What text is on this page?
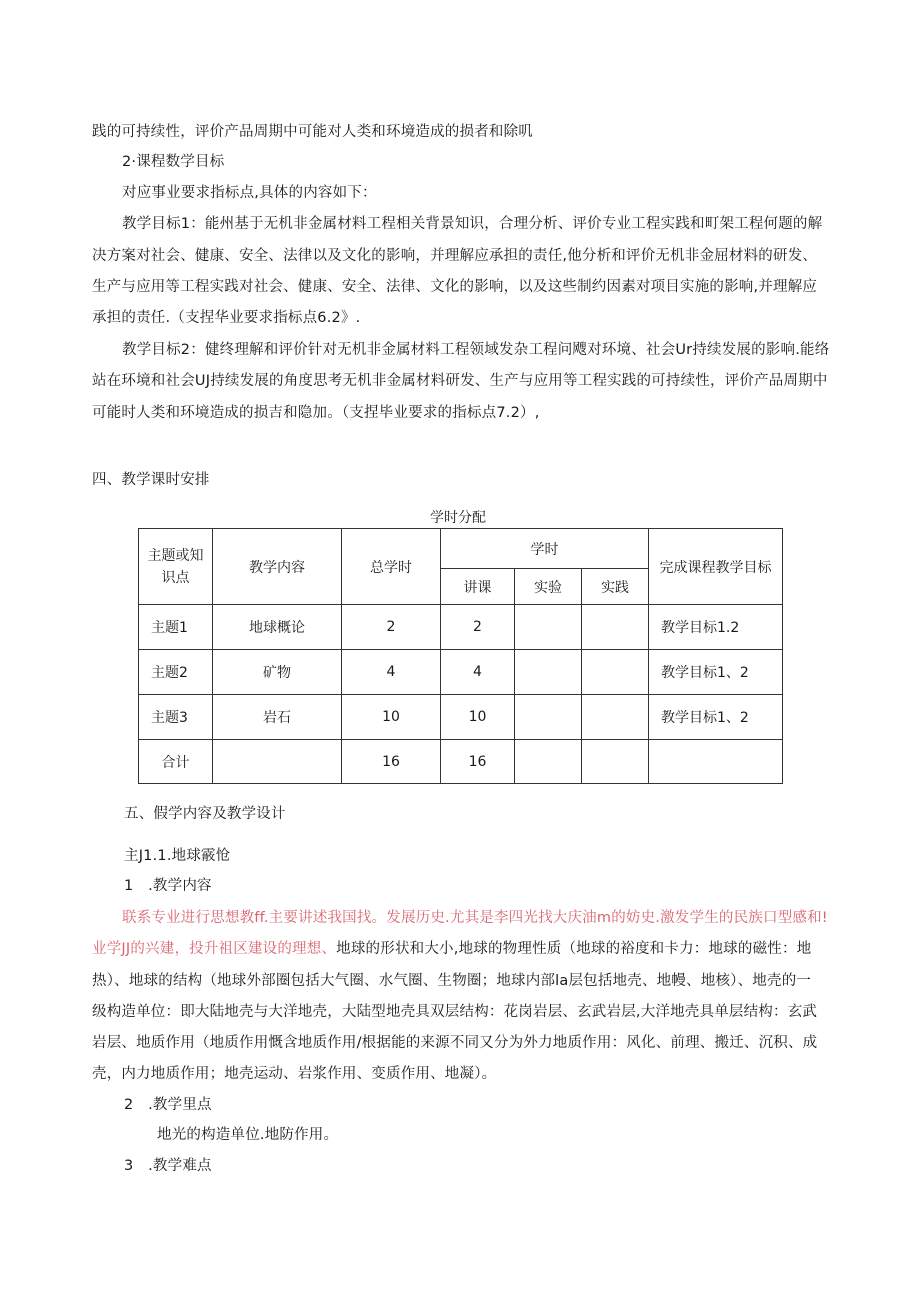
践的可持续性，评价产品周期中可能对人类和环境造成的损者和除叽
2·课程数学目标
对应事业要求指标点,具体的内容如下：
教学目标1：能州基于无机非金属材料工程相关背景知识，合理分析、评价专业工程实践和町架工程何题的解
决方案对社会、健康、安全、法律以及文化的影响，并理解应承担的责任,他分析和评价无机非金屈材料的研发、
生产与应用等工程实践对社会、健康、安全、法律、文化的影响，以及这些制约因素对项目实施的影响,并理解应
承担的责任.（支捏华业要求指标点6.2》.
教学目标2：健终理解和评价针对无机非金属材料工程领域发杂工程问飕对环境、社会Ur持续发展的影响.能络
站在环境和社会UJ持续发展的角度思考无机非金属材料研发、生产与应用等工程实践的可持续性，评价产品周期中
可能时人类和环境造成的损吉和隐加。（支捏毕业要求的指标点7.2）,
四、教学课时安排
学时分配
主题或知识点	教学内容	总学时	学时			完成课程教学目标
			讲课	实验	实践	
主题1	地球概论	2	2			教学目标1.2
主题2	矿物	4	4			教学目标1、2
主题3	岩石	10	10			教学目标1、2
合计		16	16			
五、假学内容及教学设计
主J1.1.地球霰怆
1　.教学内容
联系专业进行思想教ff.主要讲述我国找。发展历史.尤其是李四光找大庆油m的妨史.激发学生的民族口型感和!
业学JJ的兴建，投升祖区建设的理想、地球的形状和大小,地球的物理性质（地球的裕度和卡力：地球的磁性：地
热）、地球的结构（地球外部圈包括大气圈、水气圈、生物圈；地球内部la层包括地壳、地幔、地核）、地壳的一
级构造单位：即大陆地壳与大洋地壳，大陆型地壳具双层结构：花岗岩层、玄武岩层,大洋地壳具单层结构：玄武
岩层、地质作用（地质作用慨含地质作用/根据能的来源不同又分为外力地质作用：风化、前理、搬迁、沉积、成
壳，内力地质作用；地壳运动、岩浆作用、变质作用、地凝）。
2　.教学里点
地光的构造单位.地防作用。
3　.教学难点
